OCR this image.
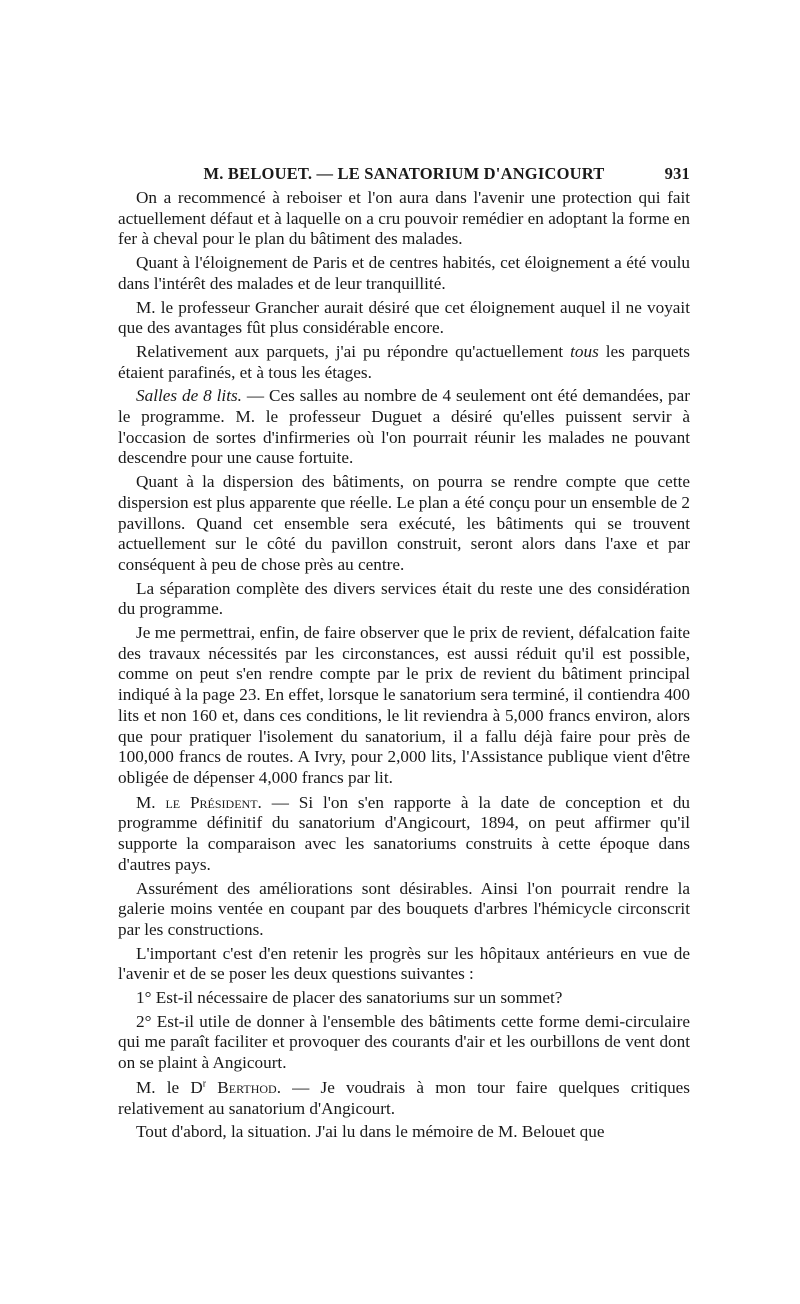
M. BELOUET. — LE SANATORIUM D'ANGICOURT	931

On a recommencé à reboiser et l'on aura dans l'avenir une protection qui fait actuellement défaut et à laquelle on a cru pouvoir remédier en adoptant la forme en fer à cheval pour le plan du bâtiment des malades.

Quant à l'éloignement de Paris et de centres habités, cet éloignement a été voulu dans l'intérêt des malades et de leur tranquillité.

M. le professeur Grancher aurait désiré que cet éloignement auquel il ne voyait que des avantages fût plus considérable encore.

Relativement aux parquets, j'ai pu répondre qu'actuellement tous les parquets étaient parafinés, et à tous les étages.

Salles de 8 lits. — Ces salles au nombre de 4 seulement ont été demandées, par le programme. M. le professeur Duguet a désiré qu'elles puissent servir à l'occasion de sortes d'infirmeries où l'on pourrait réunir les malades ne pouvant descendre pour une cause fortuite.

Quant à la dispersion des bâtiments, on pourra se rendre compte que cette dispersion est plus apparente que réelle. Le plan a été conçu pour un ensemble de 2 pavillons. Quand cet ensemble sera exécuté, les bâtiments qui se trouvent actuellement sur le côté du pavillon construit, seront alors dans l'axe et par conséquent à peu de chose près au centre.

La séparation complète des divers services était du reste une des considération du programme.

Je me permettrai, enfin, de faire observer que le prix de revient, défalcation faite des travaux nécessités par les circonstances, est aussi réduit qu'il est possible, comme on peut s'en rendre compte par le prix de revient du bâtiment principal indiqué à la page 23. En effet, lorsque le sanatorium sera terminé, il contiendra 400 lits et non 160 et, dans ces conditions, le lit reviendra à 5,000 francs environ, alors que pour pratiquer l'isolement du sanatorium, il a fallu déjà faire pour près de 100,000 francs de routes. A Ivry, pour 2,000 lits, l'Assistance publique vient d'être obligée de dépenser 4,000 francs par lit.

M. le Président. — Si l'on s'en rapporte à la date de conception et du programme définitif du sanatorium d'Angicourt, 1894, on peut affirmer qu'il supporte la comparaison avec les sanatoriums construits à cette époque dans d'autres pays.

Assurément des améliorations sont désirables. Ainsi l'on pourrait rendre la galerie moins ventée en coupant par des bouquets d'arbres l'hémicycle circonscrit par les constructions.

L'important c'est d'en retenir les progrès sur les hôpitaux antérieurs en vue de l'avenir et de se poser les deux questions suivantes :

1° Est-il nécessaire de placer des sanatoriums sur un sommet?

2° Est-il utile de donner à l'ensemble des bâtiments cette forme demi-circulaire qui me paraît faciliter et provoquer des courants d'air et les ourbillons de vent dont on se plaint à Angicourt.

M. le $D^r$ Berthod. — Je voudrais à mon tour faire quelques critiques relativement au sanatorium d'Angicourt.

Tout d'abord, la situation. J'ai lu dans le mémoire de M. Belouet que
